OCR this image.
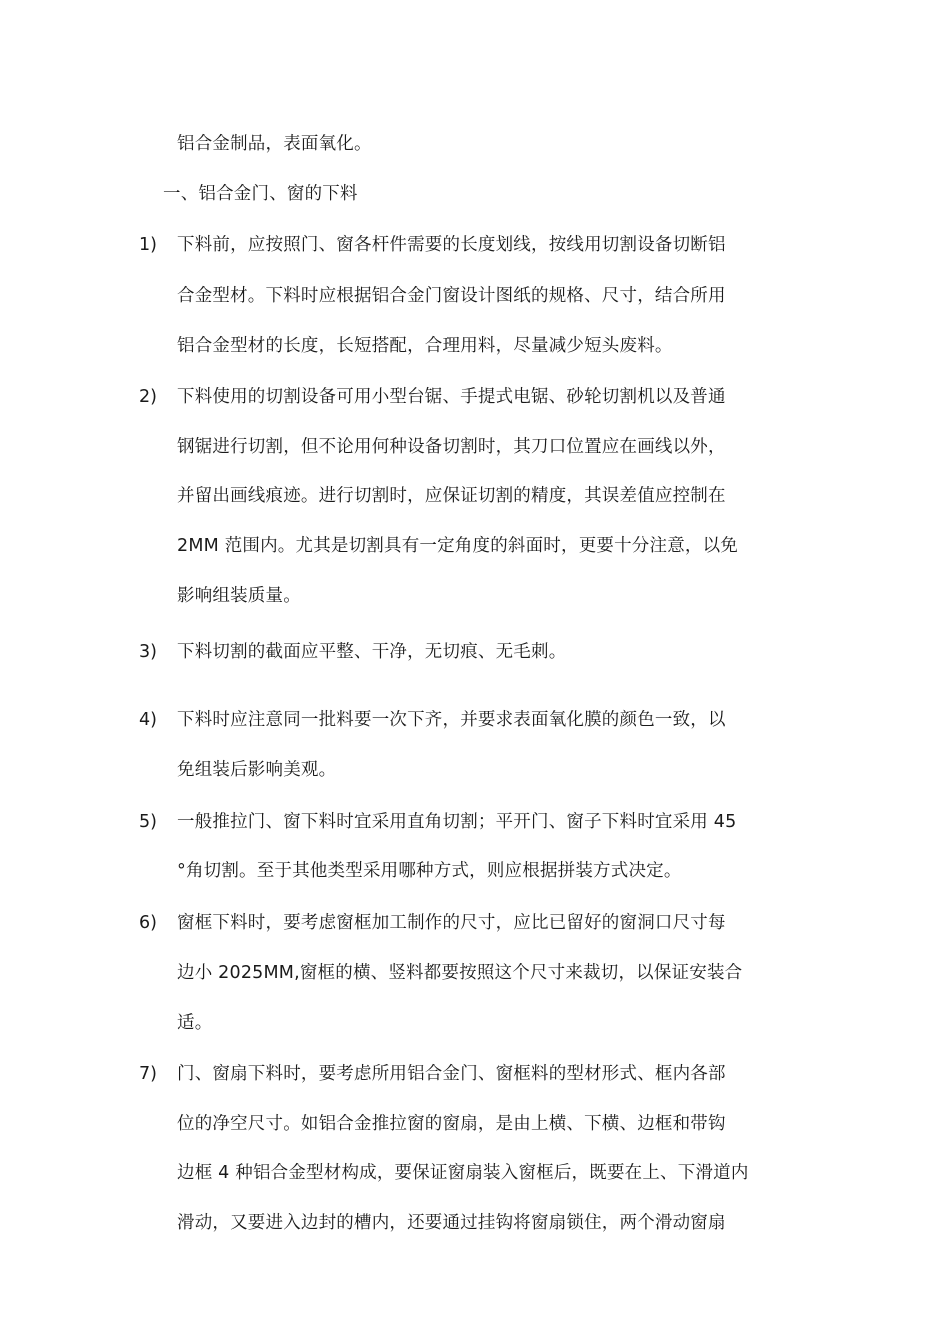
铝合金制品，表面氧化。
一、铝合金门、窗的下料
1) 下料前，应按照门、窗各杆件需要的长度划线，按线用切割设备切断铝
合金型材。下料时应根据铝合金门窗设计图纸的规格、尺寸，结合所用
铝合金型材的长度，长短搭配，合理用料，尽量减少短头废料。
2) 下料使用的切割设备可用小型台锯、手提式电锯、砂轮切割机以及普通
钢锯进行切割，但不论用何种设备切割时，其刀口位置应在画线以外，
并留出画线痕迹。进行切割时，应保证切割的精度，其误差值应控制在
2MM 范围内。尤其是切割具有一定角度的斜面时，更要十分注意，以免
影响组装质量。
3) 下料切割的截面应平整、干净，无切痕、无毛刺。
4) 下料时应注意同一批料要一次下齐，并要求表面氧化膜的颜色一致，以
免组装后影响美观。
5) 一般推拉门、窗下料时宜采用直角切割；平开门、窗子下料时宜采用 45
°角切割。至于其他类型采用哪种方式，则应根据拼装方式决定。
6) 窗框下料时，要考虑窗框加工制作的尺寸，应比已留好的窗洞口尺寸每
边小 2025MM,窗框的横、竖料都要按照这个尺寸来裁切，以保证安装合
适。
7) 门、窗扇下料时，要考虑所用铝合金门、窗框料的型材形式、框内各部
位的净空尺寸。如铝合金推拉窗的窗扇，是由上横、下横、边框和带钩
边框 4 种铝合金型材构成，要保证窗扇装入窗框后，既要在上、下滑道内
滑动，又要进入边封的槽内，还要通过挂钩将窗扇锁住，两个滑动窗扇
